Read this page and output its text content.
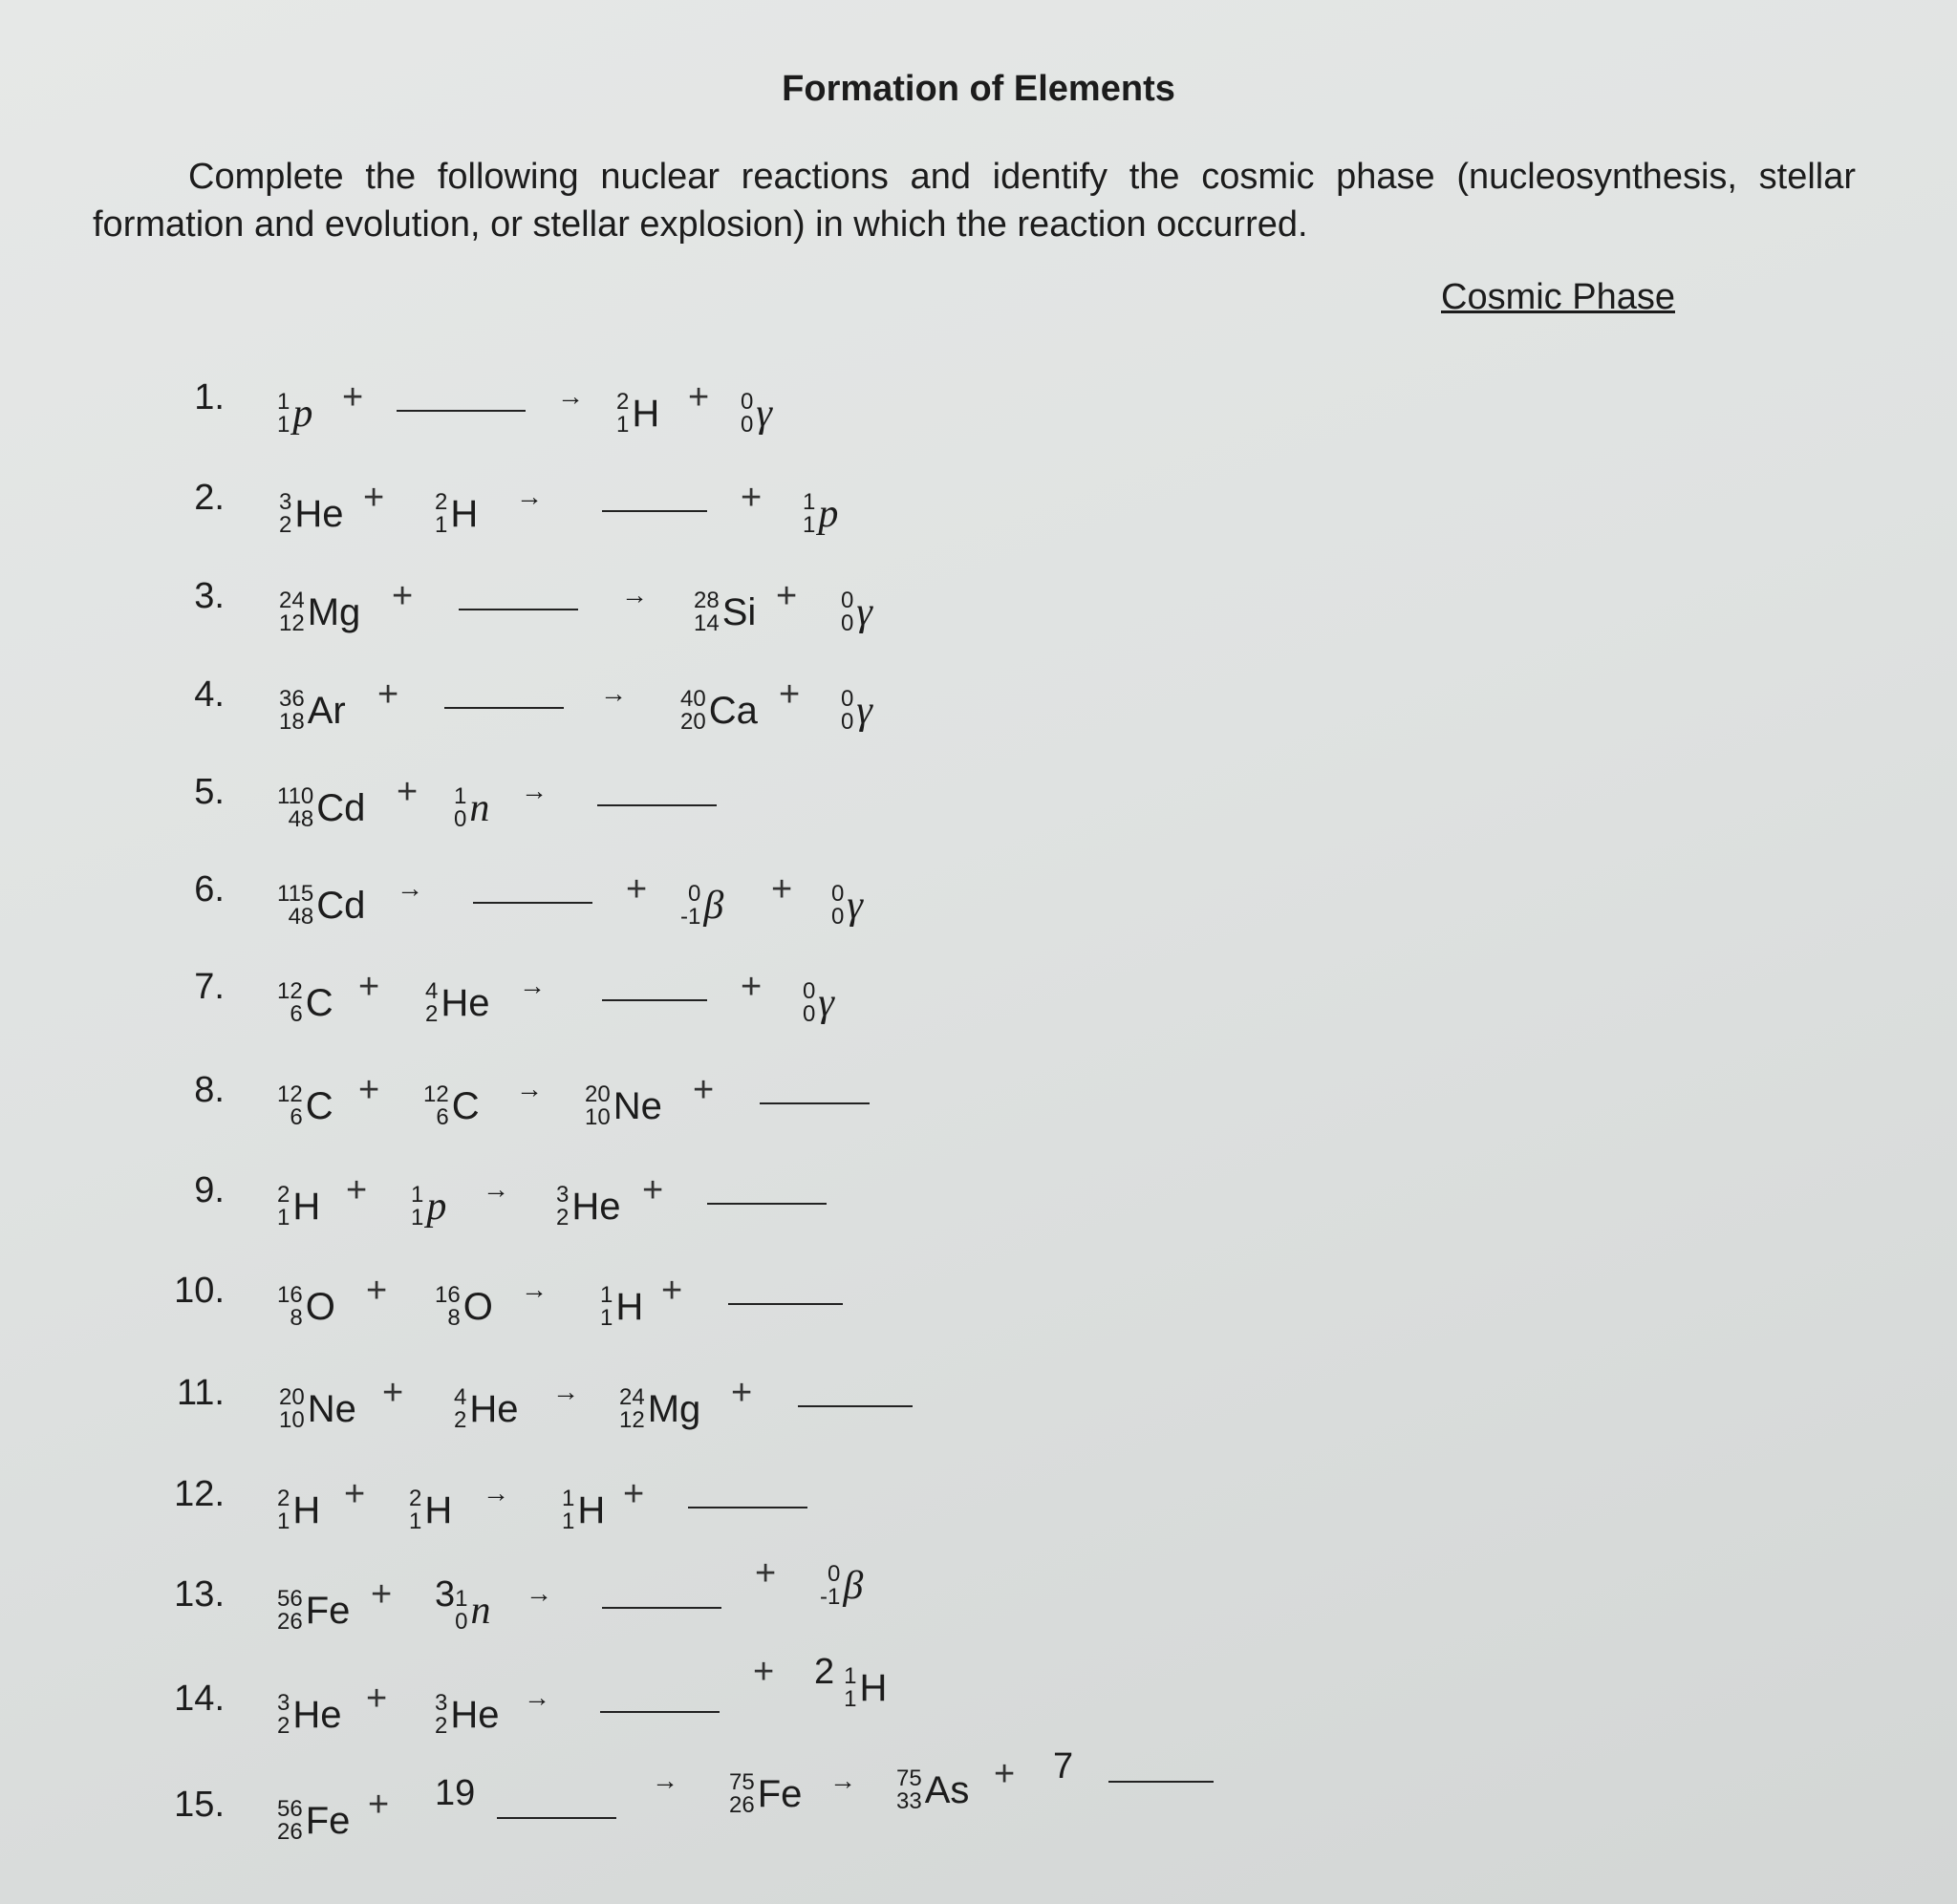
Formation of Elements
Complete the following nuclear reactions and identify the cosmic phase (nucleosynthesis, stellar
formation and evolution, or stellar explosion) in which the reaction occurred.
Cosmic Phase
1. 1
1 p +	→ 2
1 H + 0
0 γ
2. 3
2 He + 2
1 H →	+ 1
1 p
3. 24
12 Mg +	→ 28
14 Si + 0
0 γ
4. 36
18 Ar +	→ 40
20 Ca + 0
0 γ
5. 110
48 Cd + 1
0 n →
6. 115
48 Cd →	+ 0
-1 β + 0
0 γ
7. 12
6 C + 4
2 He →	+ 0
0 γ
8. 12
6 C + 12
6 C → 20
10 Ne +
9. 2
1 H + 1
1 p → 3
2 He +
10. 16
8 O + 16
8 O → 1
1 H +
11. 20
10 Ne + 4
2 He → 24
12 Mg +
12. 2
1 H + 2
1 H → 1
1 H +
13. 56
26 Fe + 3 1
0 n →	+ 0
-1 β
14. 3
2 He + 3
2 He →
+ 2 1
1 H
15. 56
26 Fe + 19	→ 75
26 Fe → 75
33 As + 7
